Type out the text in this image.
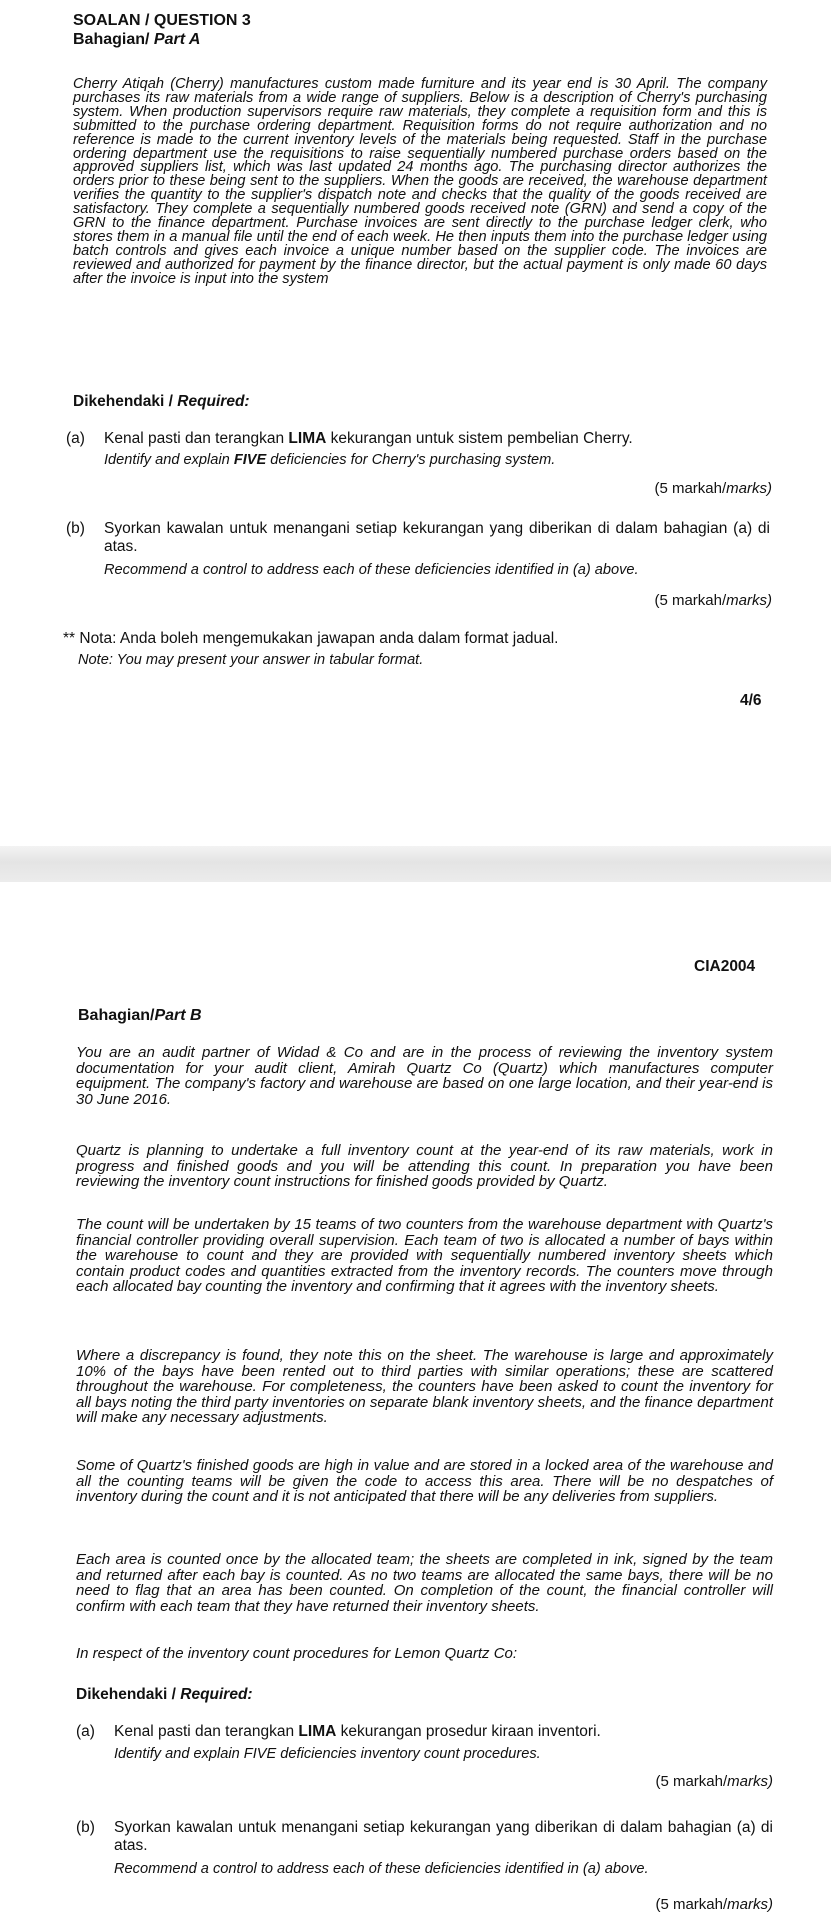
SOALAN / QUESTION 3
Bahagian/ Part A

Cherry Atiqah (Cherry) manufactures custom made furniture and its year end is 30 April. The company purchases its raw materials from a wide range of suppliers. Below is a description of Cherry's purchasing system. When production supervisors require raw materials, they complete a requisition form and this is submitted to the purchase ordering department. Requisition forms do not require authorization and no reference is made to the current inventory levels of the materials being requested. Staff in the purchase ordering department use the requisitions to raise sequentially numbered purchase orders based on the approved suppliers list, which was last updated 24 months ago. The purchasing director authorizes the orders prior to these being sent to the suppliers. When the goods are received, the warehouse department verifies the quantity to the supplier's dispatch note and checks that the quality of the goods received are satisfactory. They complete a sequentially numbered goods received note (GRN) and send a copy of the GRN to the finance department. Purchase invoices are sent directly to the purchase ledger clerk, who stores them in a manual file until the end of each week. He then inputs them into the purchase ledger using batch controls and gives each invoice a unique number based on the supplier code. The invoices are reviewed and authorized for payment by the finance director, but the actual payment is only made 60 days after the invoice is input into the system

Dikehendaki / Required:
(a) Kenal pasti dan terangkan LIMA kekurangan untuk sistem pembelian Cherry.
Identify and explain FIVE deficiencies for Cherry's purchasing system.
(5 markah/marks)
(b) Syorkan kawalan untuk menangani setiap kekurangan yang diberikan di dalam bahagian (a) di atas.
Recommend a control to address each of these deficiencies identified in (a) above.
(5 markah/marks)
** Nota: Anda boleh mengemukakan jawapan anda dalam format jadual.
Note: You may present your answer in tabular format.
4/6
CIA2004
Bahagian/Part B

You are an audit partner of Widad & Co and are in the process of reviewing the inventory system documentation for your audit client, Amirah Quartz Co (Quartz) which manufactures computer equipment. The company's factory and warehouse are based on one large location, and their year-end is 30 June 2016.

Quartz is planning to undertake a full inventory count at the year-end of its raw materials, work in progress and finished goods and you will be attending this count. In preparation you have been reviewing the inventory count instructions for finished goods provided by Quartz.

The count will be undertaken by 15 teams of two counters from the warehouse department with Quartz's financial controller providing overall supervision. Each team of two is allocated a number of bays within the warehouse to count and they are provided with sequentially numbered inventory sheets which contain product codes and quantities extracted from the inventory records. The counters move through each allocated bay counting the inventory and confirming that it agrees with the inventory sheets.

Where a discrepancy is found, they note this on the sheet. The warehouse is large and approximately 10% of the bays have been rented out to third parties with similar operations; these are scattered throughout the warehouse. For completeness, the counters have been asked to count the inventory for all bays noting the third party inventories on separate blank inventory sheets, and the finance department will make any necessary adjustments.

Some of Quartz's finished goods are high in value and are stored in a locked area of the warehouse and all the counting teams will be given the code to access this area. There will be no despatches of inventory during the count and it is not anticipated that there will be any deliveries from suppliers.

Each area is counted once by the allocated team; the sheets are completed in ink, signed by the team and returned after each bay is counted. As no two teams are allocated the same bays, there will be no need to flag that an area has been counted. On completion of the count, the financial controller will confirm with each team that they have returned their inventory sheets.

In respect of the inventory count procedures for Lemon Quartz Co:

Dikehendaki / Required:
(a) Kenal pasti dan terangkan LIMA kekurangan prosedur kiraan inventori.
Identify and explain FIVE deficiencies inventory count procedures.
(5 markah/marks)
(b) Syorkan kawalan untuk menangani setiap kekurangan yang diberikan di dalam bahagian (a) di atas.
Recommend a control to address each of these deficiencies identified in (a) above.
(5 markah/marks)
